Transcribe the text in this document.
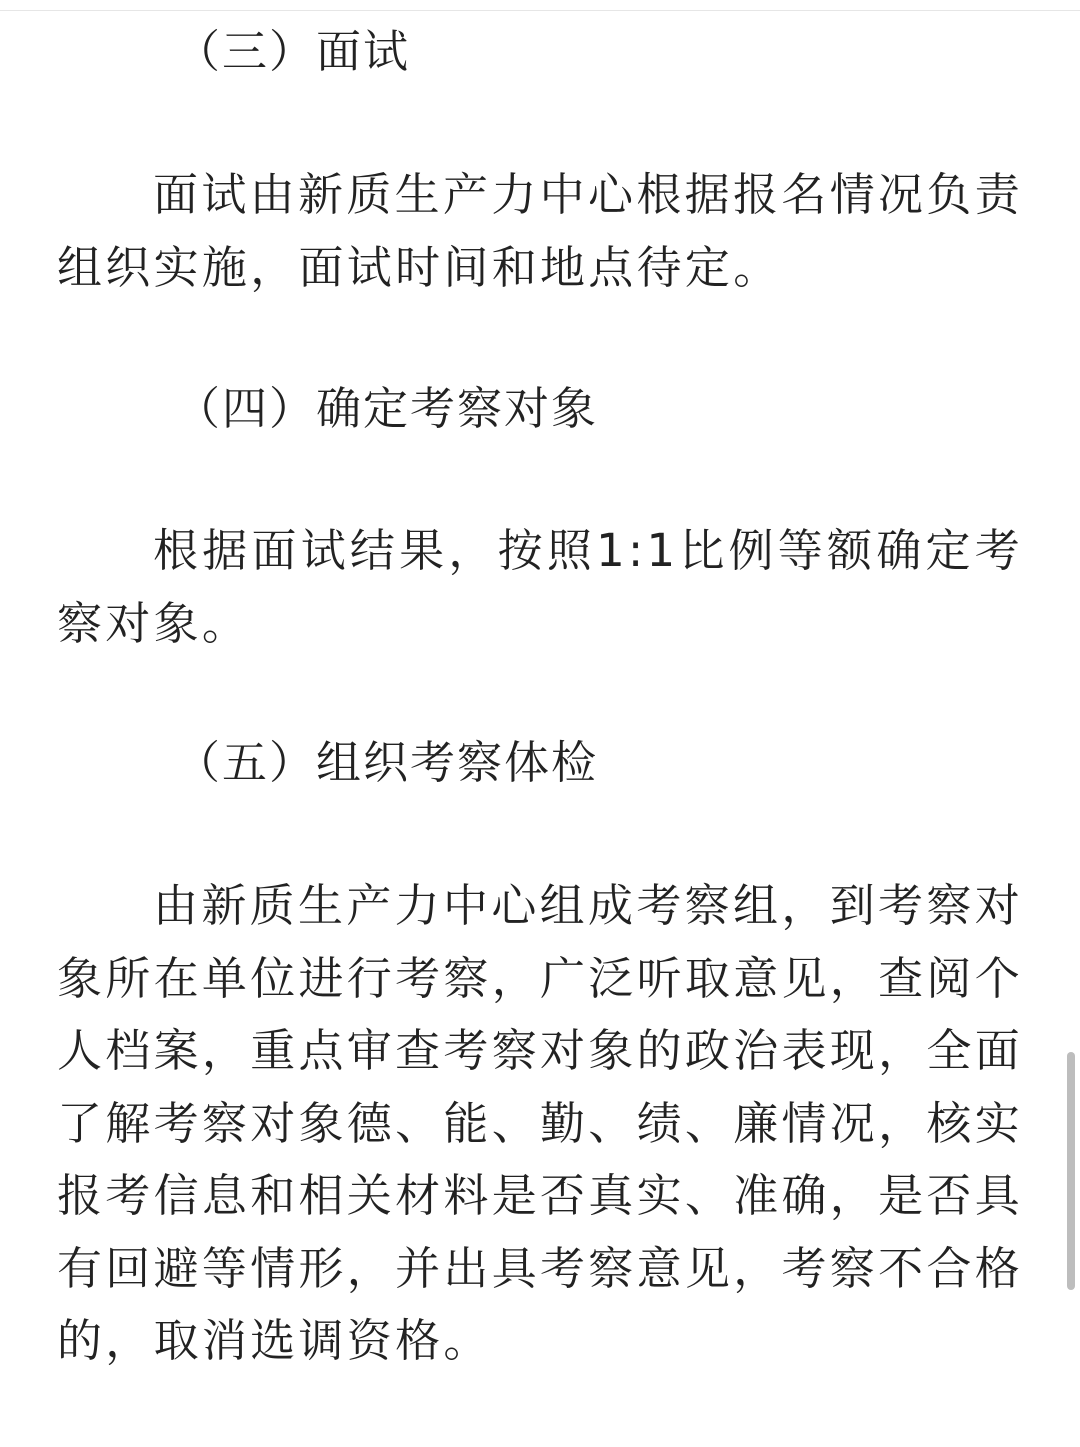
（三）面试

面试由新质生产力中心根据报名情况负责组织实施，面试时间和地点待定。

（四）确定考察对象

根据面试结果，按照1:1比例等额确定考察对象。

（五）组织考察体检

由新质生产力中心组成考察组，到考察对象所在单位进行考察，广泛听取意见，查阅个人档案，重点审查考察对象的政治表现，全面了解考察对象德、能、勤、绩、廉情况，核实报考信息和相关材料是否真实、准确，是否具有回避等情形，并出具考察意见，考察不合格的，取消选调资格。
